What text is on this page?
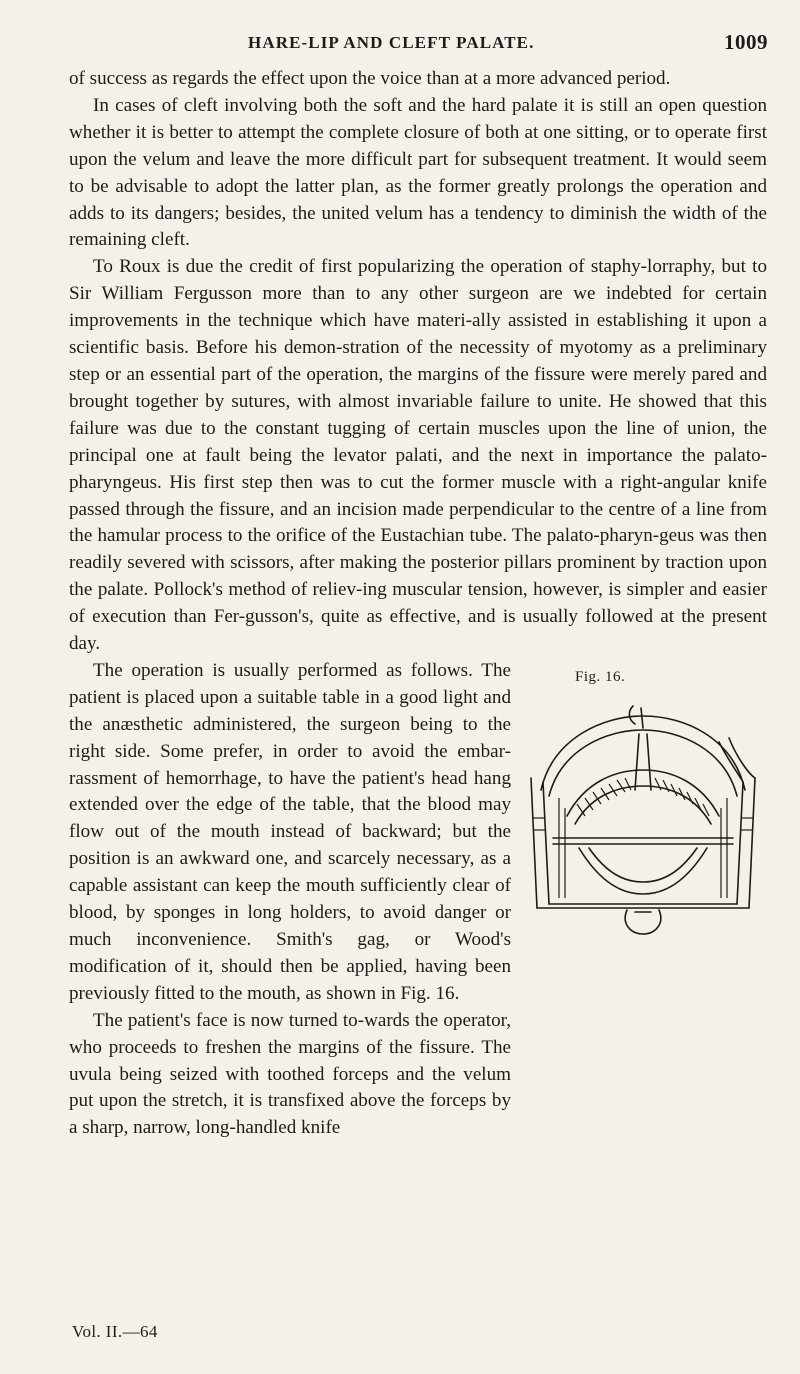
HARE-LIP AND CLEFT PALATE.	1009

of success as regards the effect upon the voice than at a more advanced period.

In cases of cleft involving both the soft and the hard palate it is still an open question whether it is better to attempt the complete closure of both at one sitting, or to operate first upon the velum and leave the more difficult part for subsequent treatment. It would seem to be advisable to adopt the latter plan, as the former greatly prolongs the operation and adds to its dangers; besides, the united velum has a tendency to diminish the width of the remaining cleft.

To Roux is due the credit of first popularizing the operation of staphy-lorraphy, but to Sir William Fergusson more than to any other surgeon are we indebted for certain improvements in the technique which have materi-ally assisted in establishing it upon a scientific basis. Before his demon-stration of the necessity of myotomy as a preliminary step or an essential part of the operation, the margins of the fissure were merely pared and brought together by sutures, with almost invariable failure to unite. He showed that this failure was due to the constant tugging of certain muscles upon the line of union, the principal one at fault being the levator palati, and the next in importance the palato-pharyngeus. His first step then was to cut the former muscle with a right-angular knife passed through the fissure, and an incision made perpendicular to the centre of a line from the hamular process to the orifice of the Eustachian tube. The palato-pharyn-geus was then readily severed with scissors, after making the posterior pillars prominent by traction upon the palate. Pollock's method of reliev-ing muscular tension, however, is simpler and easier of execution than Fer-gusson's, quite as effective, and is usually followed at the present day.

Fig. 16.

The operation is usually performed as follows. The patient is placed upon a suitable table in a good light and the anæsthetic administered, the surgeon being to the right side. Some prefer, in order to avoid the embar-rassment of hemorrhage, to have the patient's head hang extended over the edge of the table, that the blood may flow out of the mouth instead of backward; but the position is an awkward one, and scarcely necessary, as a capable assistant can keep the mouth sufficiently clear of blood, by sponges in long holders, to avoid danger or much inconvenience. Smith's gag, or Wood's modification of it, should then be applied, having been previously fitted to the mouth, as shown in Fig. 16.

The patient's face is now turned to-wards the operator, who proceeds to freshen the margins of the fissure. The uvula being seized with toothed forceps and the velum put upon the stretch, it is transfixed above the forceps by a sharp, narrow, long-handled knife

Vol. II.—64
